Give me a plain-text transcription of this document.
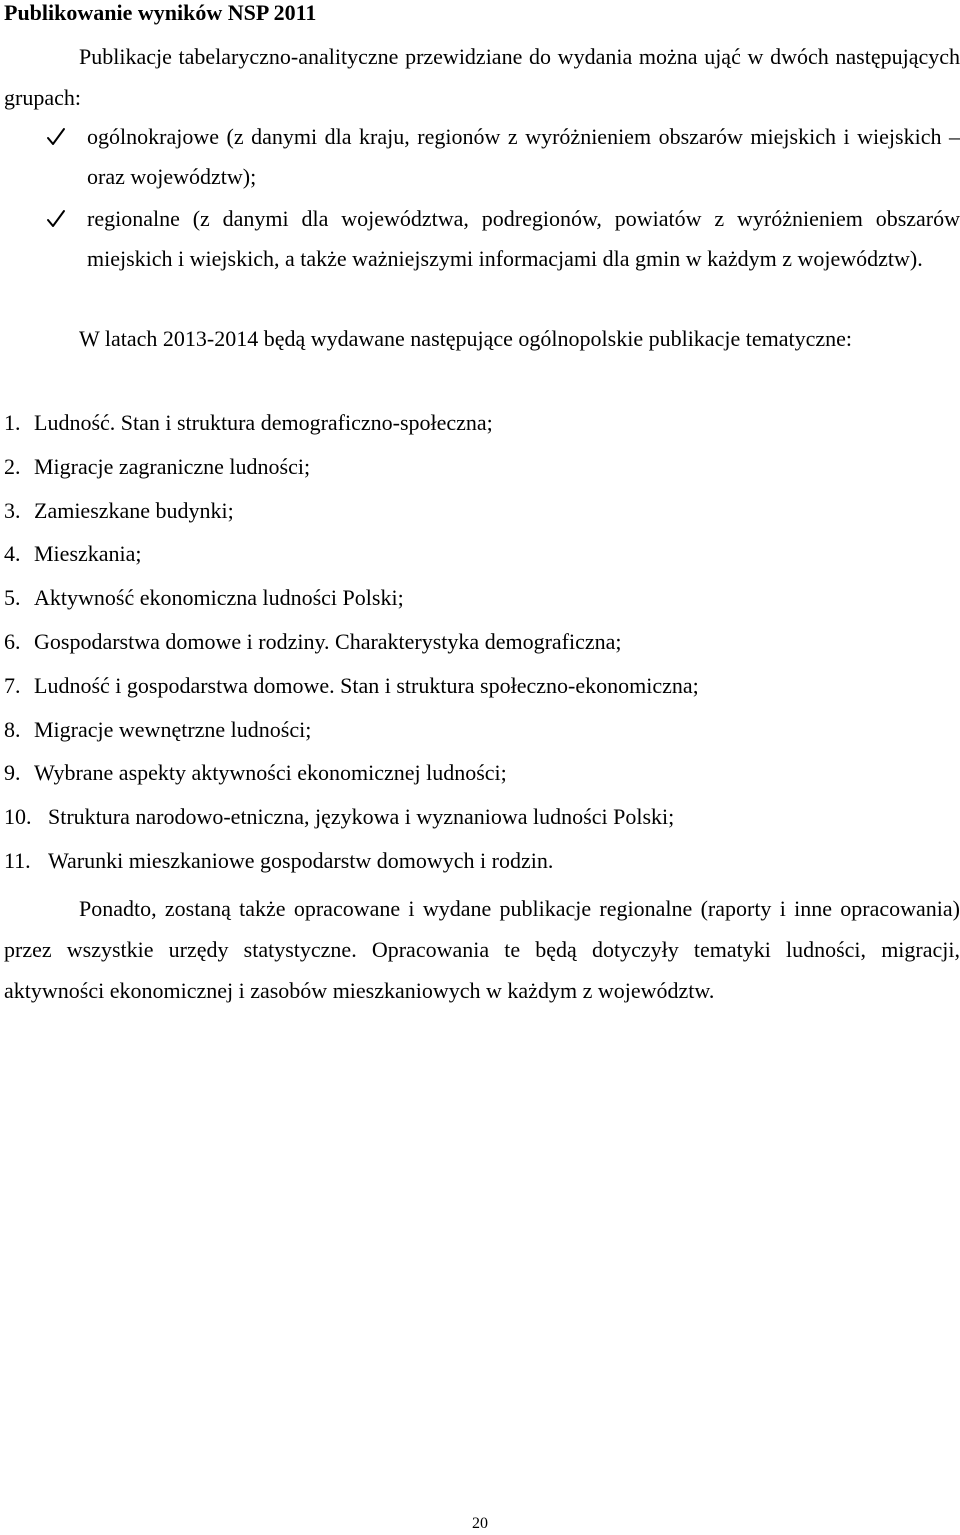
Publikowanie wyników NSP 2011

Publikacje tabelaryczno-analityczne przewidziane do wydania można ująć w dwóch następujących grupach:

ogólnokrajowe (z danymi dla kraju, regionów z wyróżnieniem obszarów miejskich i wiejskich – oraz województw);
regionalne (z danymi dla województwa, podregionów, powiatów z wyróżnieniem obszarów miejskich i wiejskich, a także ważniejszymi informacjami dla gmin w każdym z województw).

W latach 2013-2014 będą wydawane następujące ogólnopolskie publikacje tematyczne:

1. Ludność. Stan i struktura demograficzno-społeczna;
2. Migracje zagraniczne ludności;
3. Zamieszkane budynki;
4. Mieszkania;
5. Aktywność ekonomiczna ludności Polski;
6. Gospodarstwa domowe i rodziny. Charakterystyka demograficzna;
7. Ludność i gospodarstwa domowe. Stan i struktura społeczno-ekonomiczna;
8. Migracje wewnętrzne ludności;
9. Wybrane aspekty aktywności ekonomicznej ludności;
10. Struktura narodowo-etniczna, językowa i wyznaniowa ludności Polski;
11. Warunki mieszkaniowe gospodarstw domowych i rodzin.

Ponadto, zostaną także opracowane i wydane publikacje regionalne (raporty i inne opracowania) przez wszystkie urzędy statystyczne. Opracowania te będą dotyczyły tematyki ludności, migracji, aktywności ekonomicznej i zasobów mieszkaniowych w każdym z województw.

20
